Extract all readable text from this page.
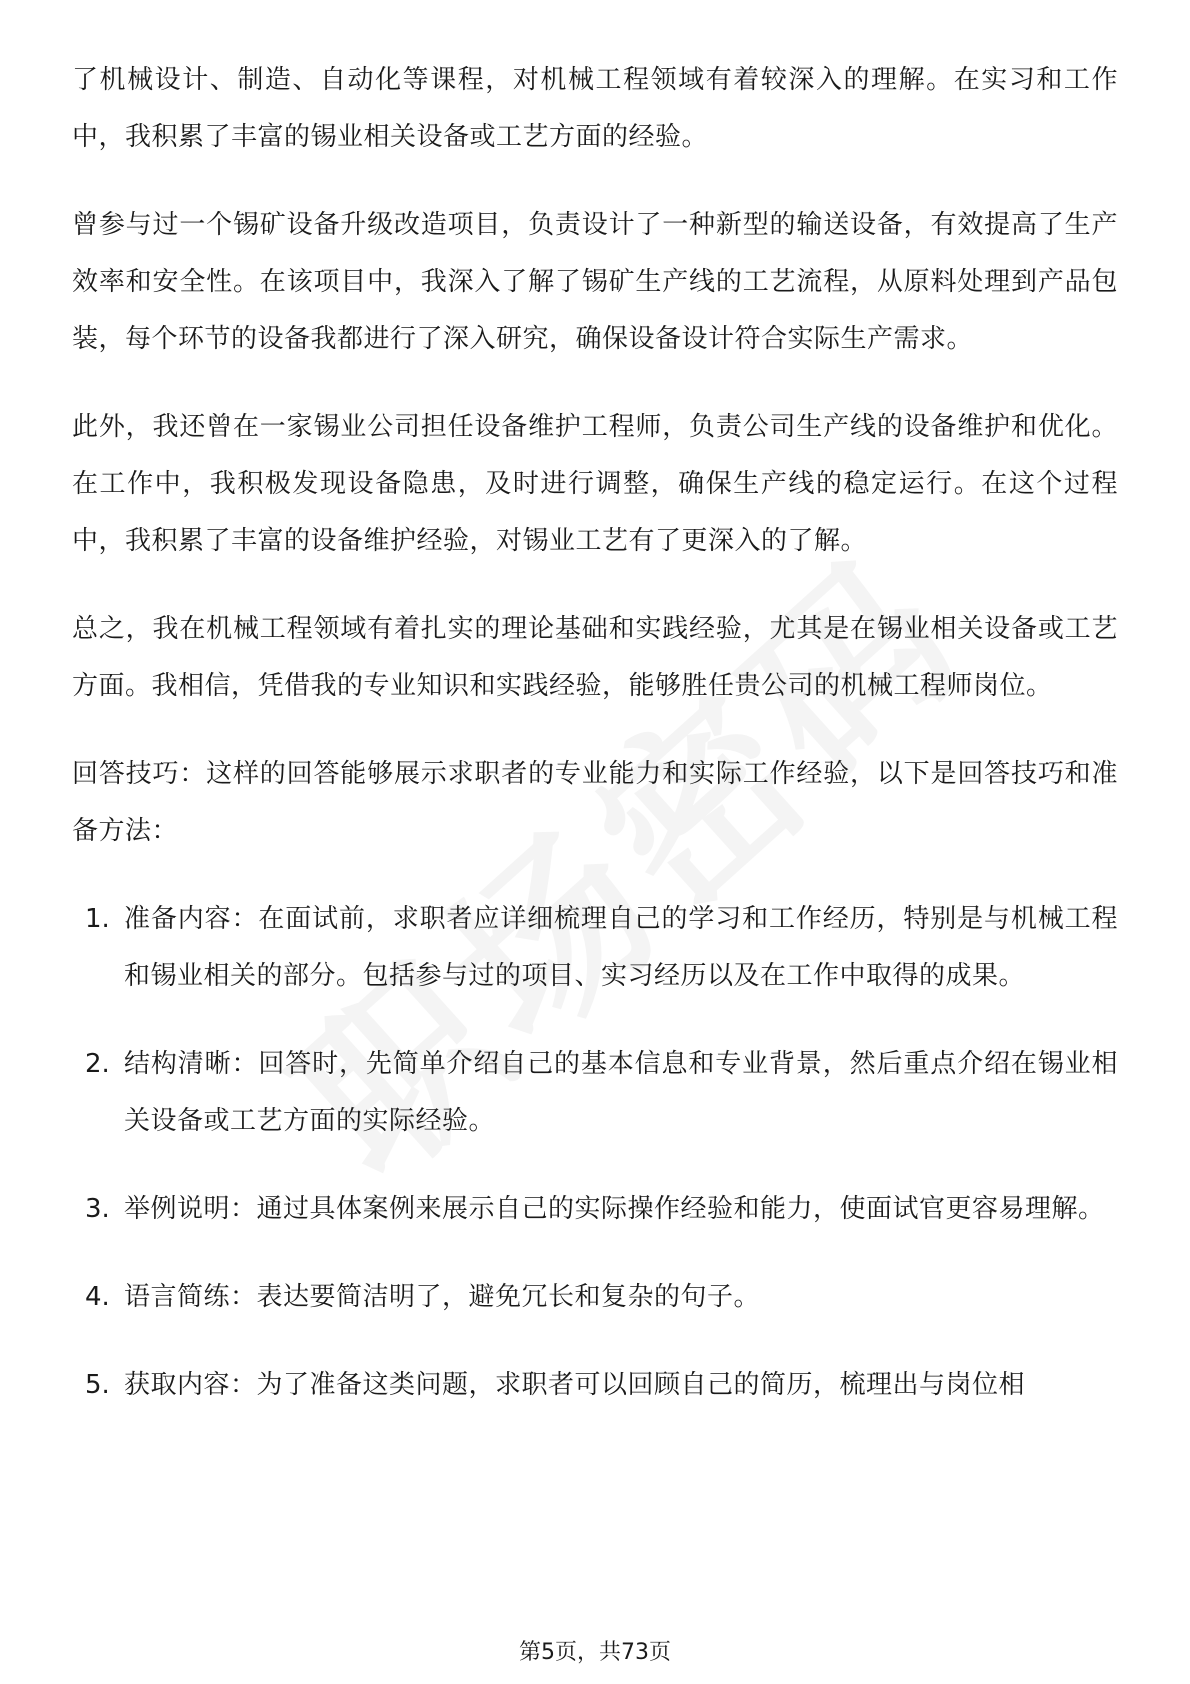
了机械设计、制造、自动化等课程，对机械工程领域有着较深入的理解。在实习和工作中，我积累了丰富的锡业相关设备或工艺方面的经验。

曾参与过一个锡矿设备升级改造项目，负责设计了一种新型的输送设备，有效提高了生产效率和安全性。在该项目中，我深入了解了锡矿生产线的工艺流程，从原料处理到产品包装，每个环节的设备我都进行了深入研究，确保设备设计符合实际生产需求。

此外，我还曾在一家锡业公司担任设备维护工程师，负责公司生产线的设备维护和优化。在工作中，我积极发现设备隐患，及时进行调整，确保生产线的稳定运行。在这个过程中，我积累了丰富的设备维护经验，对锡业工艺有了更深入的了解。

总之，我在机械工程领域有着扎实的理论基础和实践经验，尤其是在锡业相关设备或工艺方面。我相信，凭借我的专业知识和实践经验，能够胜任贵公司的机械工程师岗位。

回答技巧：这样的回答能够展示求职者的专业能力和实际工作经验，以下是回答技巧和准备方法：

1. 准备内容：在面试前，求职者应详细梳理自己的学习和工作经历，特别是与机械工程和锡业相关的部分。包括参与过的项目、实习经历以及在工作中取得的成果。
2. 结构清晰：回答时，先简单介绍自己的基本信息和专业背景，然后重点介绍在锡业相关设备或工艺方面的实际经验。
3. 举例说明：通过具体案例来展示自己的实际操作经验和能力，使面试官更容易理解。
4. 语言简练：表达要简洁明了，避免冗长和复杂的句子。
5. 获取内容：为了准备这类问题，求职者可以回顾自己的简历，梳理出与岗位相
第5页，共73页
